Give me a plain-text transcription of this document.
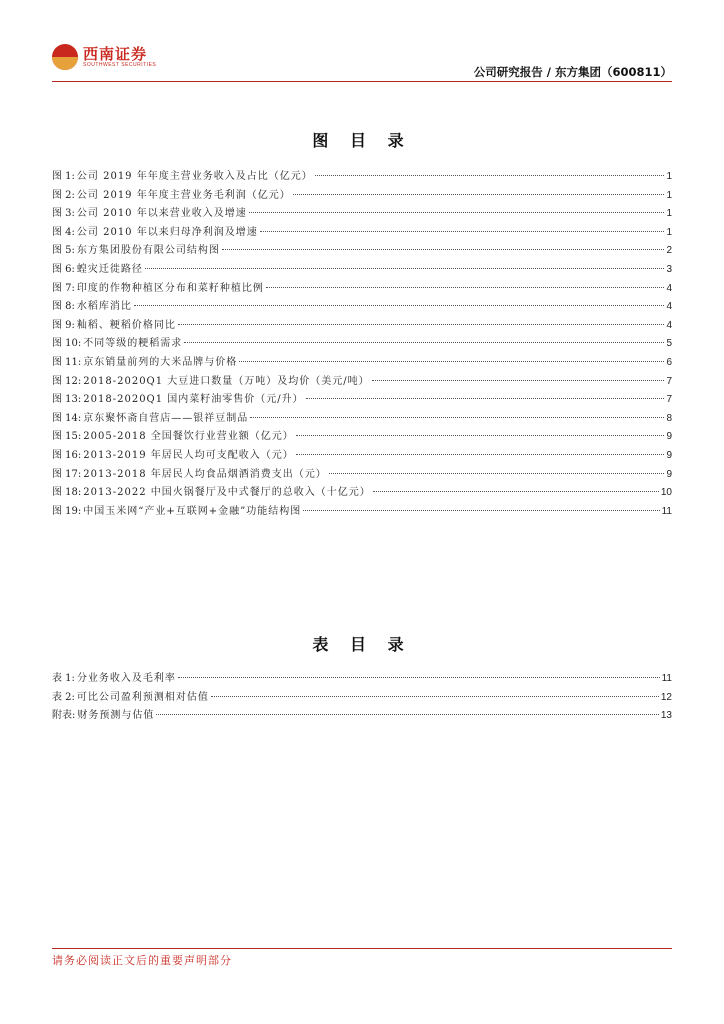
西南证券
SOUTHWEST SECURITIES
公司研究报告 / 东方集团（600811）
图 目 录
图 1: 公司 2019 年年度主营业务收入及占比（亿元）	1
图 2: 公司 2019 年年度主营业务毛利润（亿元）	1
图 3: 公司 2010 年以来营业收入及增速	1
图 4: 公司 2010 年以来归母净利润及增速	1
图 5: 东方集团股份有限公司结构图	2
图 6: 蝗灾迁徙路径	3
图 7: 印度的作物种植区分布和菜籽种植比例	4
图 8: 水稻库消比	4
图 9: 籼稻、粳稻价格同比	4
图 10: 不同等级的粳稻需求	5
图 11: 京东销量前列的大米品牌与价格	6
图 12: 2018-2020Q1 大豆进口数量（万吨）及均价（美元/吨）	7
图 13: 2018-2020Q1 国内菜籽油零售价（元/升）	7
图 14: 京东聚怀斋自营店——银祥豆制品	8
图 15: 2005-2018 全国餐饮行业营业额（亿元）	9
图 16: 2013-2019 年居民人均可支配收入（元）	9
图 17: 2013-2018 年居民人均食品烟酒消费支出（元）	9
图 18: 2013-2022 中国火锅餐厅及中式餐厅的总收入（十亿元）	10
图 19: 中国玉米网“产业+互联网+金融”功能结构图	11
表 目 录
表 1: 分业务收入及毛利率	11
表 2: 可比公司盈利预测相对估值	12
附表: 财务预测与估值	13
请务必阅读正文后的重要声明部分
